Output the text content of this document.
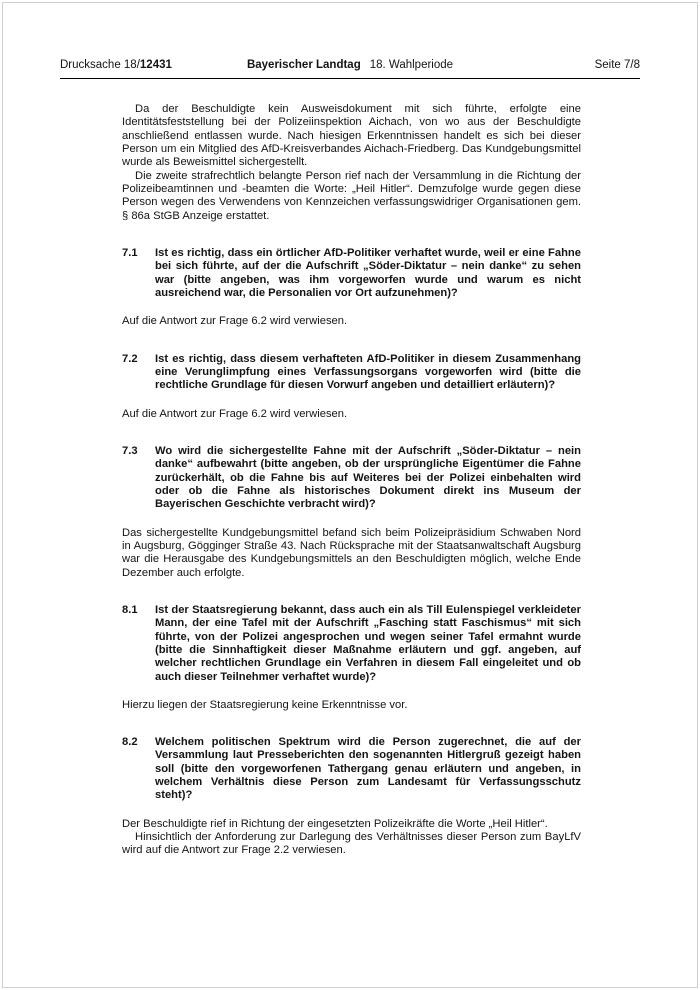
Drucksache 18/12431	Bayerischer Landtag 18. Wahlperiode	Seite 7/8

Da der Beschuldigte kein Ausweisdokument mit sich führte, erfolgte eine Identitätsfeststellung bei der Polizeiinspektion Aichach, von wo aus der Beschuldigte anschließend entlassen wurde. Nach hiesigen Erkenntnissen handelt es sich bei dieser Person um ein Mitglied des AfD-Kreisverbandes Aichach-Friedberg. Das Kundgebungsmittel wurde als Beweismittel sichergestellt.

Die zweite strafrechtlich belangte Person rief nach der Versammlung in die Richtung der Polizeibeamtinnen und -beamten die Worte: „Heil Hitler“. Demzufolge wurde gegen diese Person wegen des Verwendens von Kennzeichen verfassungswidriger Organisationen gem. § 86a StGB Anzeige erstattet.

7.1	Ist es richtig, dass ein örtlicher AfD-Politiker verhaftet wurde, weil er eine Fahne bei sich führte, auf der die Aufschrift „Söder-Diktatur – nein danke“ zu sehen war (bitte angeben, was ihm vorgeworfen wurde und warum es nicht ausreichend war, die Personalien vor Ort aufzunehmen)?

Auf die Antwort zur Frage 6.2 wird verwiesen.

7.2	Ist es richtig, dass diesem verhafteten AfD-Politiker in diesem Zusammenhang eine Verunglimpfung eines Verfassungsorgans vorgeworfen wird (bitte die rechtliche Grundlage für diesen Vorwurf angeben und detailliert erläutern)?

Auf die Antwort zur Frage 6.2 wird verwiesen.

7.3	Wo wird die sichergestellte Fahne mit der Aufschrift „Söder-Diktatur – nein danke“ aufbewahrt (bitte angeben, ob der ursprüngliche Eigentümer die Fahne zurückerhält, ob die Fahne bis auf Weiteres bei der Polizei einbehalten wird oder ob die Fahne als historisches Dokument direkt ins Museum der Bayerischen Geschichte verbracht wird)?

Das sichergestellte Kundgebungsmittel befand sich beim Polizeipräsidium Schwaben Nord in Augsburg, Gögginger Straße 43. Nach Rücksprache mit der Staatsanwaltschaft Augsburg war die Herausgabe des Kundgebungsmittels an den Beschuldigten möglich, welche Ende Dezember auch erfolgte.

8.1	Ist der Staatsregierung bekannt, dass auch ein als Till Eulenspiegel verkleideter Mann, der eine Tafel mit der Aufschrift „Fasching statt Faschismus“ mit sich führte, von der Polizei angesprochen und wegen seiner Tafel ermahnt wurde (bitte die Sinnhaftigkeit dieser Maßnahme erläutern und ggf. angeben, auf welcher rechtlichen Grundlage ein Verfahren in diesem Fall eingeleitet und ob auch dieser Teilnehmer verhaftet wurde)?

Hierzu liegen der Staatsregierung keine Erkenntnisse vor.

8.2	Welchem politischen Spektrum wird die Person zugerechnet, die auf der Versammlung laut Presseberichten den sogenannten Hitlergruß gezeigt haben soll (bitte den vorgeworfenen Tathergang genau erläutern und angeben, in welchem Verhältnis diese Person zum Landesamt für Verfassungsschutz steht)?

Der Beschuldigte rief in Richtung der eingesetzten Polizeikräfte die Worte „Heil Hitler“.

Hinsichtlich der Anforderung zur Darlegung des Verhältnisses dieser Person zum BayLfV wird auf die Antwort zur Frage 2.2 verwiesen.
